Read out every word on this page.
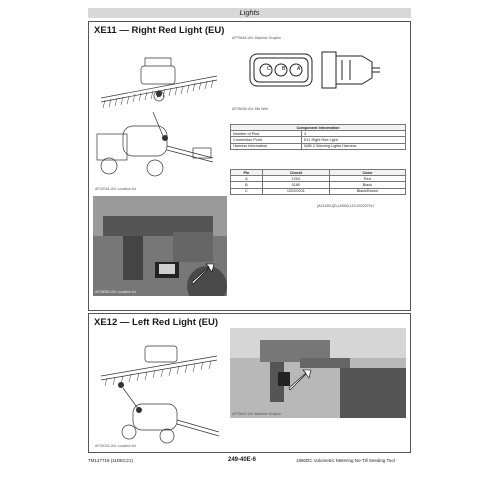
Lights
XE11 — Right Red Light (EU)
AP22034-UN: Location A4
AP76648-UN: Machine Graphic
C B A
AP25098-UN: Mid Wire
Component Information	
Number of Pins	3
Connection Point	E11 Right Red Light
Harness Information	W80.2 Warning Lights Harness
Pin	Circuit	Color
A	1202	Red
B	0180	Black
C	1202/0201	Black/Brown
(A21539,QD,U0000-119-20220701)
AP33055-UN: Location A4
XE12 — Left Red Light (EU)
AP22033-UN: Location A4
AP76649-UN: Machine Graphic
TM147718 (11DEC21)	249-40E-6	1890DC Volumetric Metering No-Till Seeding Tool
